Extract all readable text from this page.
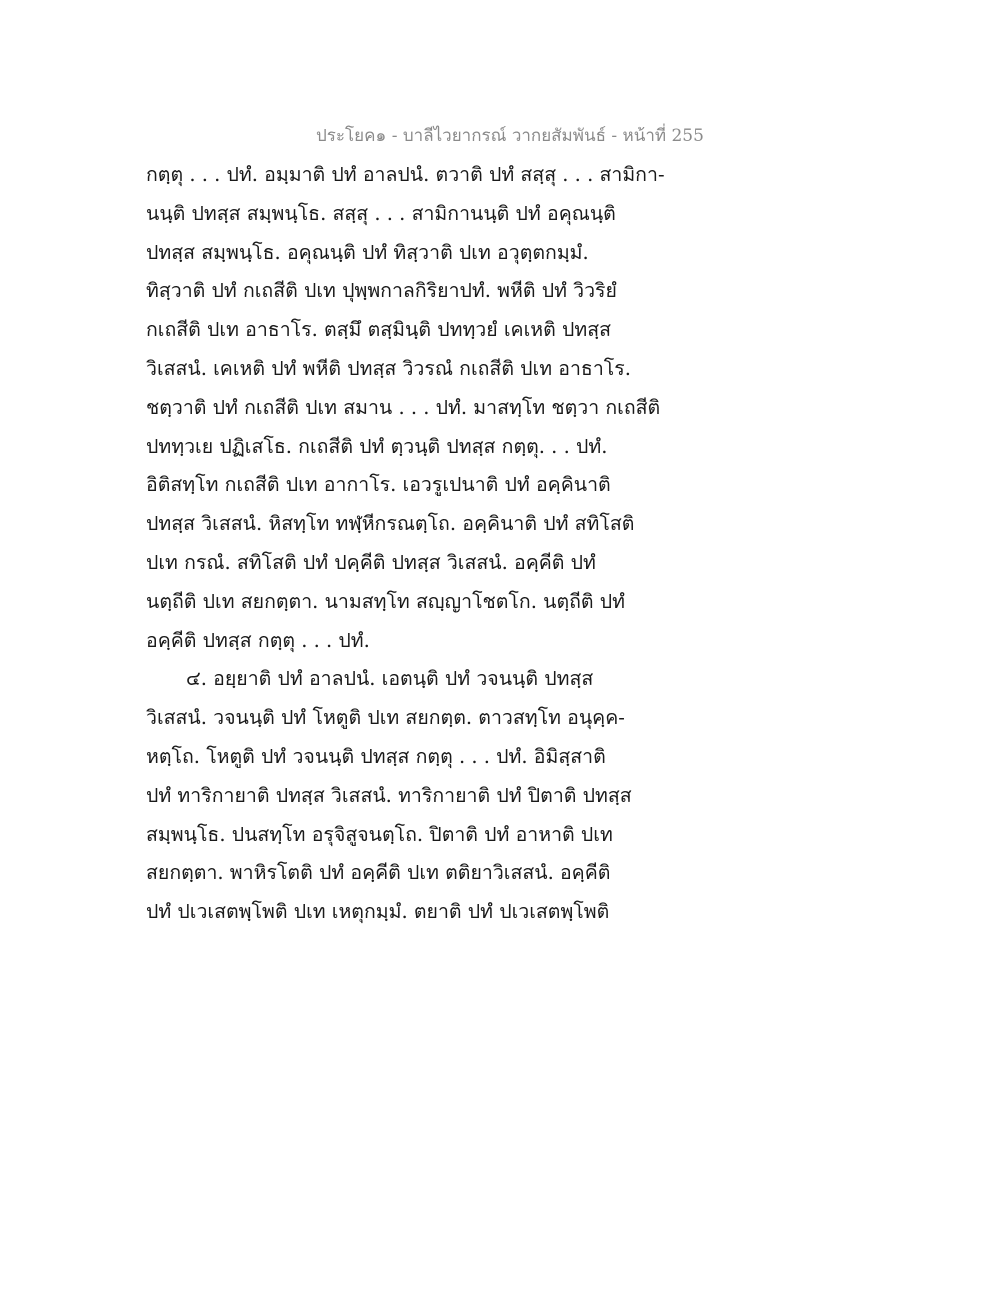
ประโยค๑ - บาลีไวยากรณ์ วากยสัมพันธ์ - หน้าที่ 255
กตฺตุ . . . ปทํ. อมฺมาติ ปทํ อาลปนํ. ตวาติ ปทํ สสฺสุ . . . สามิกา-
นนฺติ ปทสฺส สมฺพนฺโธ. สสฺสุ . . . สามิกานนฺติ ปทํ อคุณนฺติ
ปทสฺส สมฺพนฺโธ. อคุณนฺติ ปทํ ทิสฺวาติ ปเท อวุตฺตกมฺมํ.
ทิสฺวาติ ปทํ กเถสีติ ปเท ปุพฺพกาลกิริยาปทํ. พหีติ ปทํ วิวริยํ
กเถสีติ ปเท อาธาโร. ตสฺมึ ตสฺมินฺติ ปททฺวยํ เคเหติ ปทสฺส
วิเสสนํ. เคเหติ ปทํ พหีติ ปทสฺส วิวรณํ กเถสีติ ปเท อาธาโร.
ชตฺวาติ ปทํ กเถสีติ ปเท สมาน . . . ปทํ. มาสทฺโท ชตฺวา กเถสีติ
ปททฺวเย ปฏิเสโธ. กเถสีติ ปทํ ตฺวนฺติ ปทสฺส กตฺตุ. . . ปทํ.
อิติสทฺโท กเถสีติ ปเท อากาโร. เอวรูเปนาติ ปทํ อคฺคินาติ
ปทสฺส วิเสสนํ. หิสทฺโท ทฬฺหีกรณตฺโถ. อคฺคินาติ ปทํ สทิโสติ
ปเท กรณํ. สทิโสติ ปทํ ปคฺคีติ ปทสฺส วิเสสนํ. อคฺคีติ ปทํ
นตฺถีติ ปเท สยกตฺตา. นามสทฺโท สญฺญาโชตโก. นตฺถีติ ปทํ
อคฺคีติ ปทสฺส กตฺตุ . . . ปทํ.
๔. อยฺยาติ ปทํ อาลปนํ. เอตนฺติ ปทํ วจนนฺติ ปทสฺส
วิเสสนํ. วจนนฺติ ปทํ โหตูติ ปเท สยกตฺต. ตาวสทฺโท อนุคฺค-
หตฺโถ. โหตูติ ปทํ วจนนฺติ ปทสฺส กตฺตุ . . . ปทํ. อิมิสฺสาติ
ปทํ ทาริกายาติ ปทสฺส วิเสสนํ. ทาริกายาติ ปทํ ปิตาติ ปทสฺส
สมฺพนฺโธ. ปนสทฺโท อรุจิสูจนตฺโถ. ปิตาติ ปทํ อาหาติ ปเท
สยกตฺตา. พาหิรโตติ ปทํ อคฺคีติ ปเท ตติยาวิเสสนํ. อคฺคีติ
ปทํ ปเวเสตพฺโพติ ปเท เหตุกมฺมํ. ตยาติ ปทํ ปเวเสตพฺโพติ
